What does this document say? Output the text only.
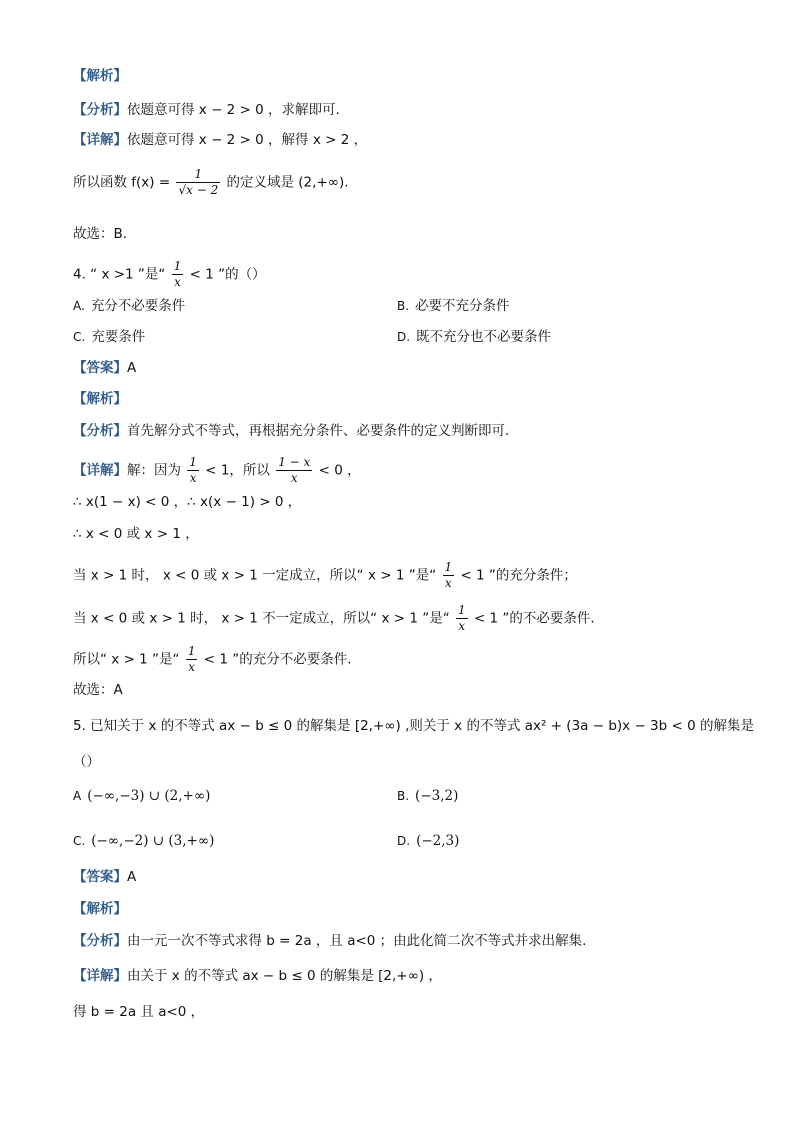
【解析】
【分析】依题意可得 x − 2 > 0 ，求解即可.
【详解】依题意可得 x − 2 > 0 ，解得 x > 2 ，
所以函数 $f(x) = \frac{1}{√x - 2}$ 的定义域是 (2,+∞).
故选：B.
4. “ x >1 ”是“ $\frac{1}{x} < 1$ ”的（）
A. 充分不必要条件	B. 必要不充分条件
C. 充要条件	D. 既不充分也不必要条件
【答案】A
【解析】
【分析】首先解分式不等式，再根据充分条件、必要条件的定义判断即可.
【详解】解：因为 $\frac{1}{x} < 1$，所以 $\frac{1 - x}{x} < 0$ ，
∴ x(1 − x) < 0 ，∴ x(x − 1) > 0 ，
∴ x < 0 或 x > 1 ，
当 x > 1 时， x < 0 或 x > 1 一定成立，所以“ x > 1 ”是“ $\frac{1}{x} < 1$ ”的充分条件；
当 x < 0 或 x > 1 时， x > 1 不一定成立，所以“ x > 1 ”是“ $\frac{1}{x} < 1$ ”的不必要条件.
所以“ x > 1 ”是“ $\frac{1}{x} < 1$ ”的充分不必要条件.
故选：A
5. 已知关于 x 的不等式 ax − b ≤ 0 的解集是 [2,+∞) ,则关于 x 的不等式 ax² + (3a − b)x − 3b < 0 的解集是
（）
A (−∞,−3) ∪ (2,+∞)	B. (−3,2)
C. (−∞,−2) ∪ (3,+∞)	D. (−2,3)
【答案】A
【解析】
【分析】由一元一次不等式求得 b = 2a ，且 a<0 ；由此化简二次不等式并求出解集.
【详解】由关于 x 的不等式 ax − b ≤ 0 的解集是 [2,+∞) ，
得 b = 2a 且 a<0 ，
